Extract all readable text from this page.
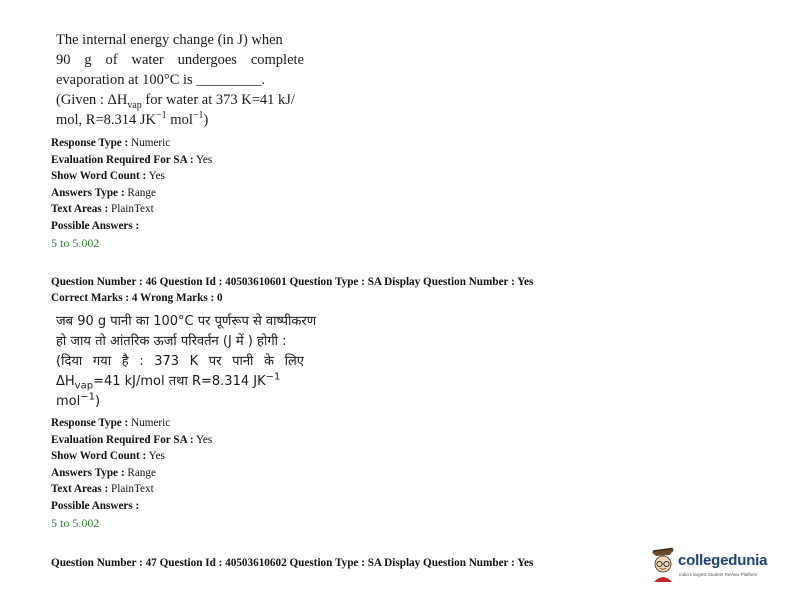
The internal energy change (in J) when
90 g of water undergoes complete
evaporation at 100°C is _________.
(Given : $\Delta H_{vap}$ for water at 373 K=41 kJ/
mol, R=8.314 $JK^{-1}$ mol$^{-1}$)
Response Type : Numeric
Evaluation Required For SA : Yes
Show Word Count : Yes
Answers Type : Range
Text Areas : PlainText
Possible Answers :
5 to 5.002
Question Number : 46 Question Id : 40503610601 Question Type : SA Display Question Number : Yes
Correct Marks : 4 Wrong Marks : 0
जब 90 g पानी का 100°C पर पूर्णरूप से वाष्पीकरण
हो जाय तो आंतरिक ऊर्जा परिवर्तन (J में ) होगी :
(दिया गया है : 373 K पर पानी के लिए
$\Delta H_{vap}=41$ kJ/mol तथा R=8.314 $JK^{-1}$
mol$^{-1}$)
Response Type : Numeric
Evaluation Required For SA : Yes
Show Word Count : Yes
Answers Type : Range
Text Areas : PlainText
Possible Answers :
5 to 5.002
Question Number : 47 Question Id : 40503610602 Question Type : SA Display Question Number : Yes	collegedunia
India's largest Student Review Platform
